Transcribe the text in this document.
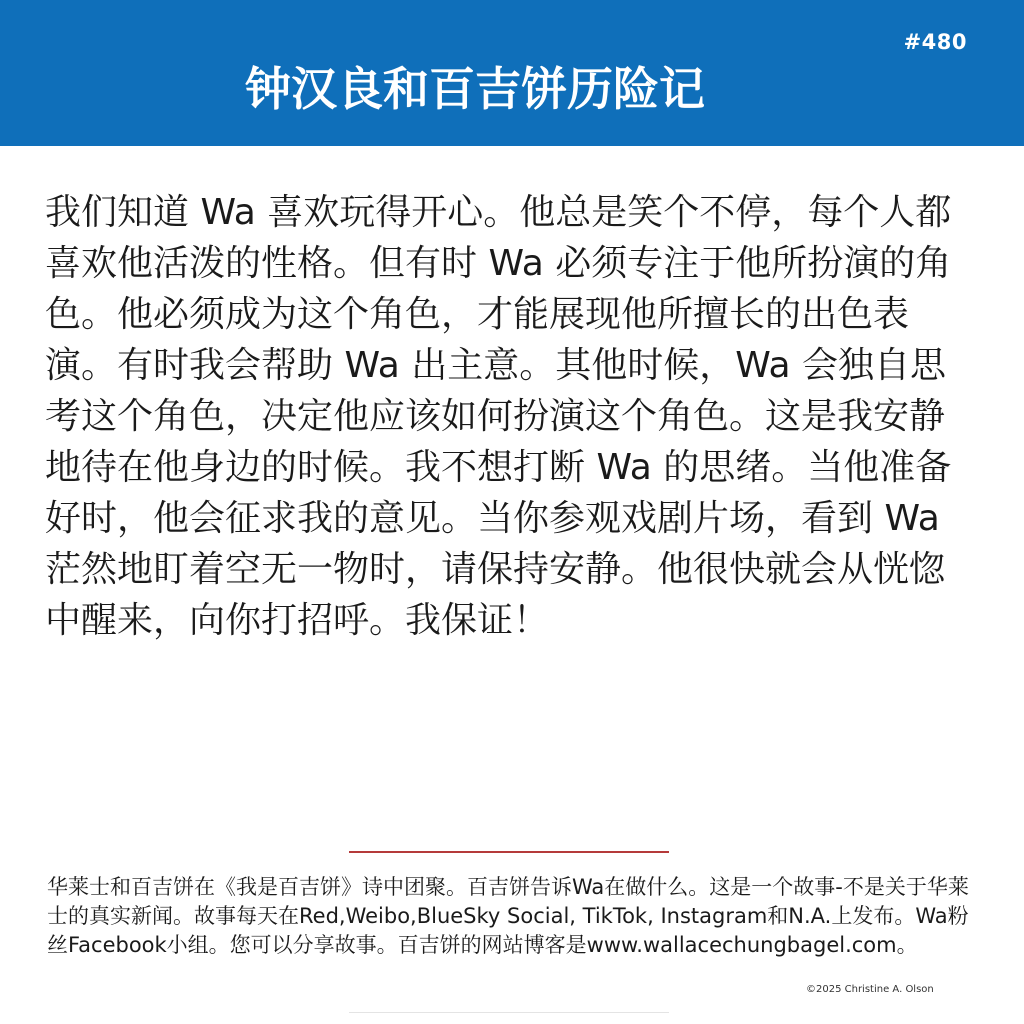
#480
钟汉良和百吉饼历险记

我们知道 Wa 喜欢玩得开心。他总是笑个不停，每个人都喜欢他活泼的性格。但有时 Wa 必须专注于他所扮演的角色。他必须成为这个角色，才能展现他所擅长的出色表演。有时我会帮助 Wa 出主意。其他时候，Wa 会独自思考这个角色，决定他应该如何扮演这个角色。这是我安静地待在他身边的时候。我不想打断 Wa 的思绪。当他准备好时，他会征求我的意见。当你参观戏剧片场，看到 Wa 茫然地盯着空无一物时，请保持安静。他很快就会从恍惚中醒来，向你打招呼。我保证！

华莱士和百吉饼在《我是百吉饼》诗中团聚。百吉饼告诉Wa在做什么。这是一个故事-不是关于华莱士的真实新闻。故事每天在Red,Weibo,BlueSky Social, TikTok, Instagram和N.A.上发布。Wa粉丝Facebook小组。您可以分享故事。百吉饼的网站博客是www.wallacechungbagel.com。

©2025 Christine A. Olson
